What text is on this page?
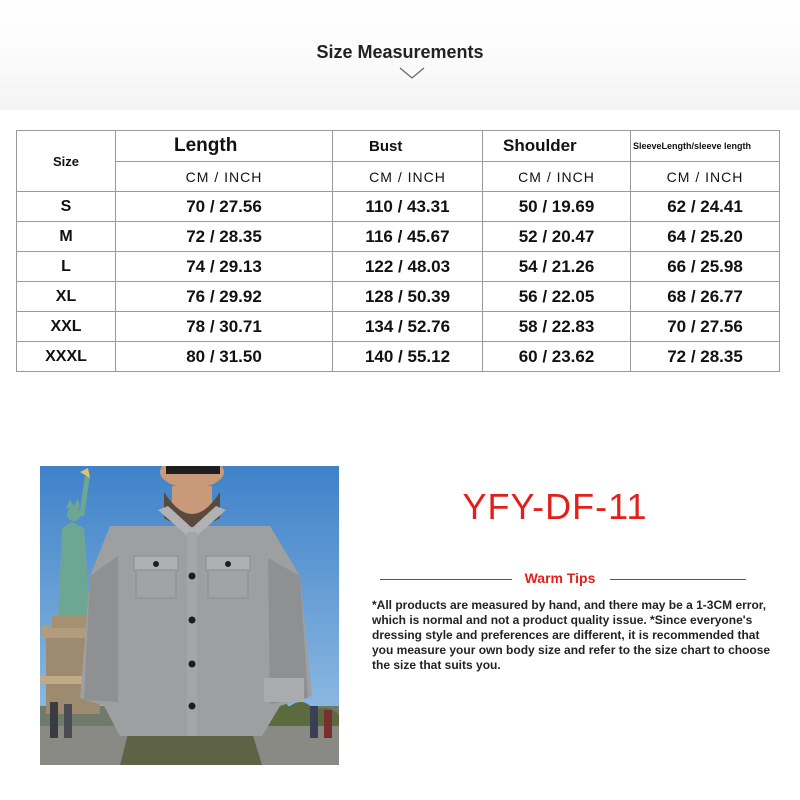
Size Measurements
Size	Length	Bust	Shoulder	SleeveLength/sleeve length
	CM / INCH	CM / INCH	CM / INCH	CM / INCH
S	70 / 27.56	110 / 43.31	50 / 19.69	62 / 24.41
M	72 / 28.35	116 / 45.67	52 / 20.47	64 / 25.20
L	74 / 29.13	122 / 48.03	54 / 21.26	66 / 25.98
XL	76 / 29.92	128 / 50.39	56 / 22.05	68 / 26.77
XXL	78 / 30.71	134 / 52.76	58 / 22.83	70 / 27.56
XXXL	80 / 31.50	140 / 55.12	60 / 23.62	72 / 28.35
YFY-DF-11
Warm Tips
*All products are measured by hand, and there may be a 1-3CM error, which is normal and not a product quality issue. *Since everyone's dressing style and preferences are different, it is recommended that you measure your own body size and refer to the size chart to choose the size that suits you.
